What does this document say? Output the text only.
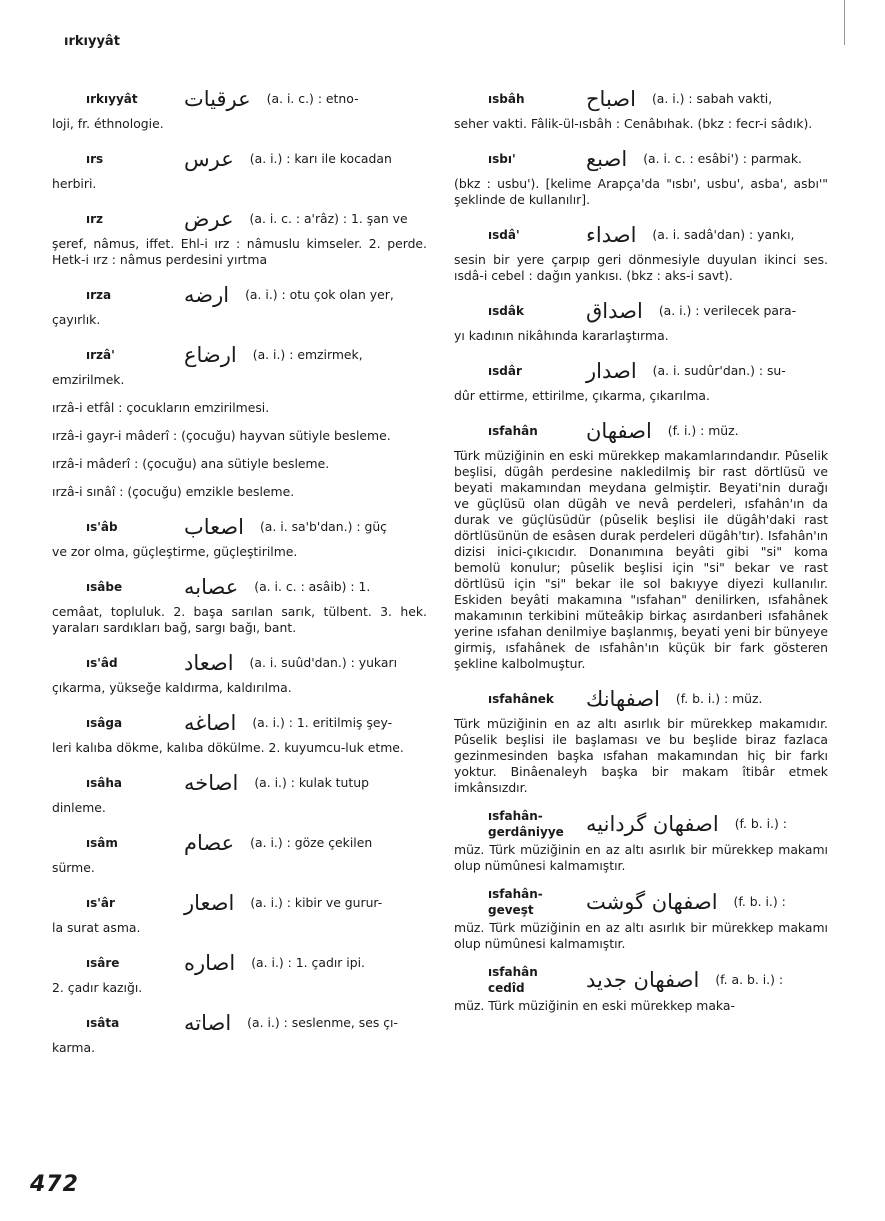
ırkıyyât
ırkıyyât	عرقيات (a. i. c.) : etno-
loji, fr. éthnologie.
ırs	عرس (a. i.) : karı ile kocadan
herbiri.
ırz	عرض (a. i. c. : a'râz) : 1. şan ve
şeref, nâmus, iffet. Ehl-i ırz : nâmuslu kimseler. 2. perde. Hetk-i ırz : nâmus perdesini yırtma
ırza	ارضه (a. i.) : otu çok olan yer,
çayırlık.
ırzâ'	ارضاع (a. i.) : emzirmek,
emzirilmek.
ırzâ-i etfâl : çocukların emzirilmesi.
ırzâ-i gayr-i mâderî : (çocuğu) hayvan sütiyle besleme.
ırzâ-i mâderî : (çocuğu) ana sütiyle besleme.
ırzâ-i sınâî : (çocuğu) emzikle besleme.
ıs'âb	اصعاب (a. i. sa'b'dan.) : güç
ve zor olma, güçleştirme, güçleştirilme.
ısâbe	عصابه (a. i. c. : asâib) : 1.
cemâat, topluluk. 2. başa sarılan sarık, tülbent. 3. hek. yaraları sardıkları bağ, sargı bağı, bant.
ıs'âd	اصعاد (a. i. suûd'dan.) : yukarı
çıkarma, yükseğe kaldırma, kaldırılma.
ısâga	اصاغه (a. i.) : 1. eritilmiş şey-
leri kalıba dökme, kalıba dökülme. 2. kuyumcu-luk etme.
ısâha	اصاخه (a. i.) : kulak tutup
dinleme.
ısâm	عصام (a. i.) : göze çekilen
sürme.
ıs'âr	اصعار (a. i.) : kibir ve gurur-
la surat asma.
ısâre	اصاره (a. i.) : 1. çadır ipi.
2. çadır kazığı.
ısâta	اصاته (a. i.) : seslenme, ses çı-
karma.
ısbâh	اصباح (a. i.) : sabah vakti,
seher vakti. Fâlik-ül-ısbâh : Cenâbıhak. (bkz : fecr-i sâdık).
ısbı'	اصبع (a. i. c. : esâbi') : parmak.
(bkz : usbu'). [kelime Arapça'da "ısbı', usbu', asba', asbı'" şeklinde de kullanılır].
ısdâ'	اصداء (a. i. sadâ'dan) : yankı,
sesin bir yere çarpıp geri dönmesiyle duyulan ikinci ses. ısdâ-i cebel : dağın yankısı. (bkz : aks-i savt).
ısdâk	اصداق (a. i.) : verilecek para-
yı kadının nikâhında kararlaştırma.
ısdâr	اصدار (a. i. sudûr'dan.) : su-
dûr ettirme, ettirilme, çıkarma, çıkarılma.
ısfahân	اصفهان (f. i.) : müz.
Türk müziğinin en eski mürekkep makamlarındandır. Pûselik beşlisi, dügâh perdesine nakledilmiş bir rast dörtlüsü ve beyati makamından meydana gelmiştir. Beyati'nin durağı ve güçlüsü olan dügâh ve nevâ perdeleri, ısfahân'ın da durak ve güçlüsüdür (pûselik beşlisi ile dügâh'daki rast dörtlüsünün de esâsen durak perdeleri dügâh'tır). Isfahân'ın dizisi inici-çıkıcıdır. Donanımına beyâti gibi "si" koma bemolü konulur; pûselik beşlisi için "si" bekar ve rast dörtlüsü için "si" bekar ile sol bakıyye diyezi kullanılır. Eskiden beyâti makamına "ısfahan" denilirken, ısfahânek makamının terkibini müteâkip birkaç asırdanberi ısfahânek yerine ısfahan denilmiye başlanmış, beyati yeni bir bünyeye girmiş, ısfahânek de ısfahân'ın küçük bir fark gösteren şekline kalbolmuştur.
ısfahânek	اصفهانك (f. b. i.) : müz.
Türk müziğinin en az altı asırlık bir mürekkep makamıdır. Pûselik beşlisi ile başlaması ve bu beşlide biraz fazlaca gezinmesinden başka ısfahan makamından hiç bir farkı yoktur. Binâenaleyh başka bir makam îtibâr etmek imkânsızdır.
ısfahân-gerdâniyye اصفهان گردانيه (f. b. i.) :
müz. Türk müziğinin en az altı asırlık bir mürekkep makamı olup nümûnesi kalmamıştır.
ısfahân-geveşt	اصفهان گوشت (f. b. i.) :
müz. Türk müziğinin en az altı asırlık bir mürekkep makamı olup nümûnesi kalmamıştır.
ısfahân cedîd	اصفهان جديد (f. a. b. i.) :
müz. Türk müziğinin en eski mürekkep maka-
472
